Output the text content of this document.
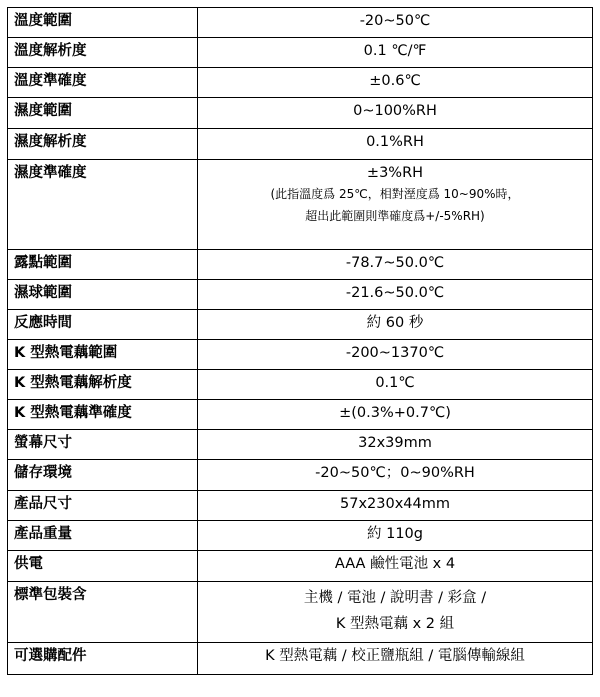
溫度範圍	-20~50℃
溫度解析度	0.1 ℃/℉
溫度準確度	±0.6℃
濕度範圍	0~100%RH
濕度解析度	0.1%RH
濕度準確度	±3%RH
(此指溫度爲 25℃，相對溼度爲 10~90%時，
超出此範圍則準確度爲+/-5%RH)

露點範圍	-78.7~50.0℃
濕球範圍	-21.6~50.0℃
反應時間	約 60 秒
K 型熱電藕範圍	-200~1370℃
K 型熱電藕解析度	0.1℃
K 型熱電藕準確度	±(0.3%+0.7℃)
螢幕尺寸	32x39mm
儲存環境	-20~50℃；0~90%RH
產品尺寸	57x230x44mm
產品重量	約 110g
供電	AAA 鹼性電池 x 4
標準包裝含	主機 / 電池 / 說明書 / 彩盒 /
K 型熱電藕 x 2 組

可選購配件	K 型熱電藕 / 校正鹽瓶組 / 電腦傳輸線組
